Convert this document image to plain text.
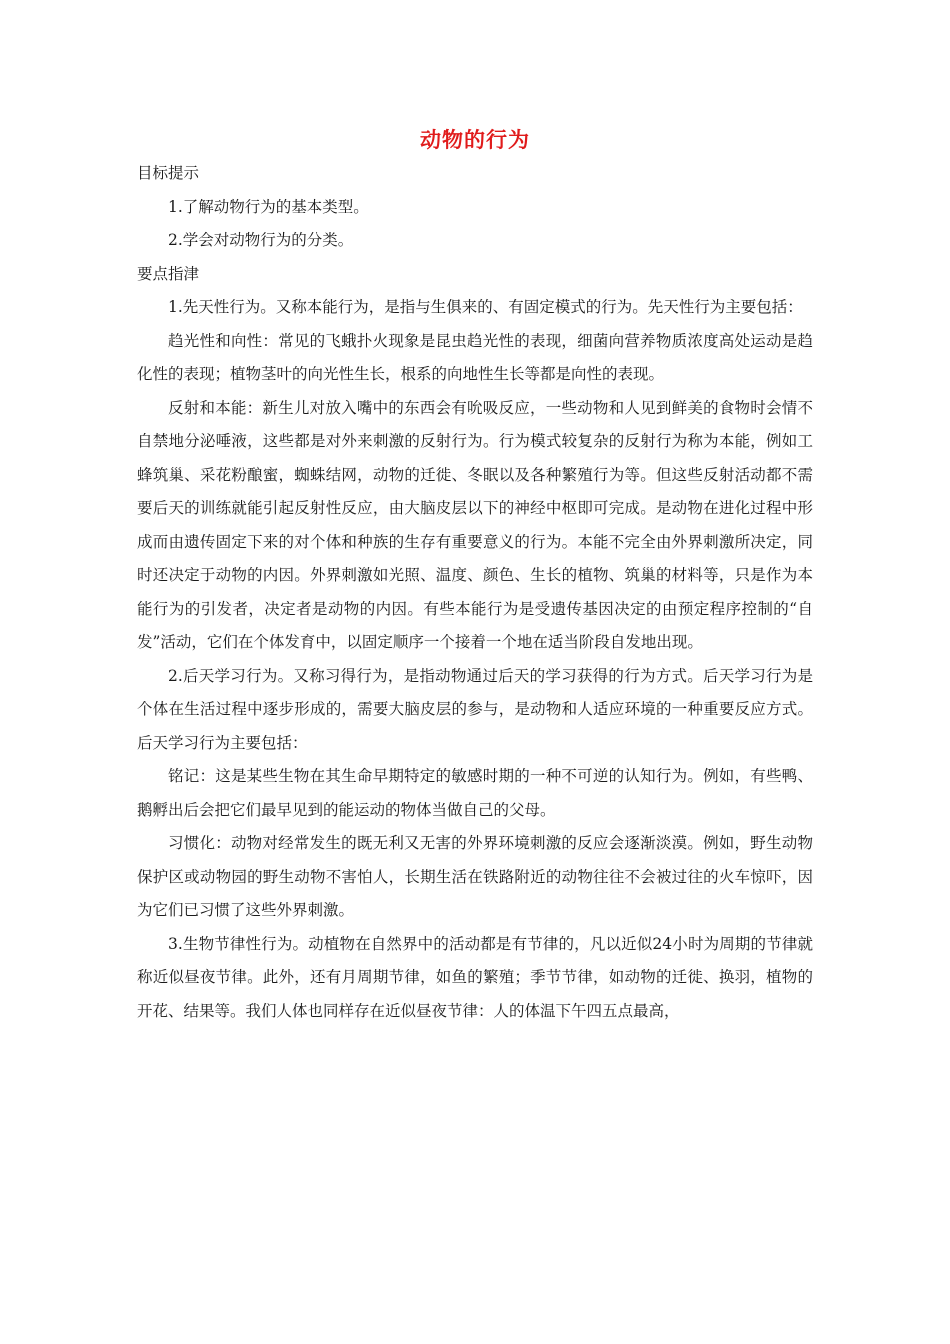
动物的行为

目标提示

1.了解动物行为的基本类型。

2.学会对动物行为的分类。

要点指津

1.先天性行为。又称本能行为，是指与生俱来的、有固定模式的行为。先天性行为主要包括：

趋光性和向性：常见的飞蛾扑火现象是昆虫趋光性的表现，细菌向营养物质浓度高处运动是趋化性的表现；植物茎叶的向光性生长，根系的向地性生长等都是向性的表现。

反射和本能：新生儿对放入嘴中的东西会有吮吸反应，一些动物和人见到鲜美的食物时会情不自禁地分泌唾液，这些都是对外来刺激的反射行为。行为模式较复杂的反射行为称为本能，例如工蜂筑巢、采花粉酿蜜，蜘蛛结网，动物的迁徙、冬眠以及各种繁殖行为等。但这些反射活动都不需要后天的训练就能引起反射性反应，由大脑皮层以下的神经中枢即可完成。是动物在进化过程中形成而由遗传固定下来的对个体和种族的生存有重要意义的行为。本能不完全由外界刺激所决定，同时还决定于动物的内因。外界刺激如光照、温度、颜色、生长的植物、筑巢的材料等，只是作为本能行为的引发者，决定者是动物的内因。有些本能行为是受遗传基因决定的由预定程序控制的“自发”活动，它们在个体发育中，以固定顺序一个接着一个地在适当阶段自发地出现。

2.后天学习行为。又称习得行为，是指动物通过后天的学习获得的行为方式。后天学习行为是个体在生活过程中逐步形成的，需要大脑皮层的参与，是动物和人适应环境的一种重要反应方式。后天学习行为主要包括：

铭记：这是某些生物在其生命早期特定的敏感时期的一种不可逆的认知行为。例如，有些鸭、鹅孵出后会把它们最早见到的能运动的物体当做自己的父母。

习惯化：动物对经常发生的既无利又无害的外界环境刺激的反应会逐渐淡漠。例如，野生动物保护区或动物园的野生动物不害怕人，长期生活在铁路附近的动物往往不会被过往的火车惊吓，因为它们已习惯了这些外界刺激。

3.生物节律性行为。动植物在自然界中的活动都是有节律的，凡以近似24小时为周期的节律就称近似昼夜节律。此外，还有月周期节律，如鱼的繁殖；季节节律，如动物的迁徙、换羽，植物的开花、结果等。我们人体也同样存在近似昼夜节律：人的体温下午四五点最高，
